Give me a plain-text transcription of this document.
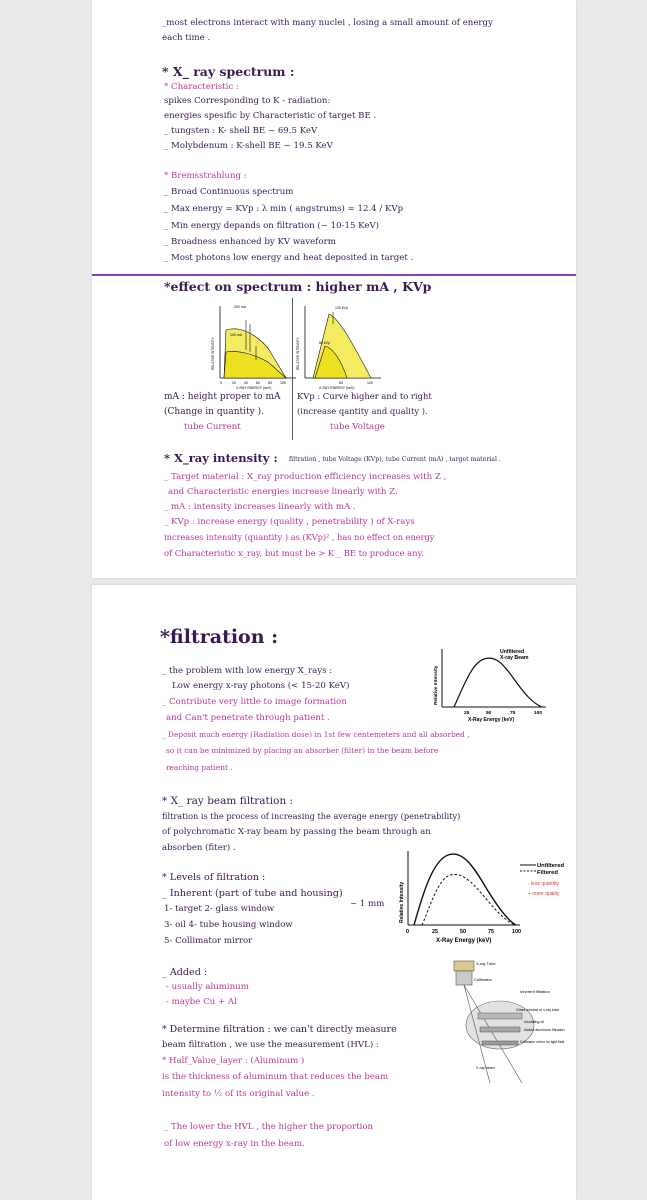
_most electrons interact with many nuclei , losing a small amount of energy
each time .
* X_ ray spectrum :
* Characteristic :
spikes Corresponding to K - radiation:
energies spesific by Characteristic of target BE .
_ tungsten : K- shell BE ~ 69.5 KeV
_ Molybdenum : K-shell BE ~ 19.5 KeV
* Bremsstrahlung :
_ Broad Continuous spectrum
_ Max energy = KVp : λ min ( angstrums) = 12.4 / KVp
_ Min energy depands on filtration (~ 10-15 KeV)
_ Broadness enhanced by KV waveform
_ Most photons low energy and heat deposited in target .
*effect on spectrum : higher mA , KVp
RELATIVE INTENSITY
200 mA
100 mA
0	20 40 60 80 100
X-RAY ENERGY (keV)
RELATIVE INTENSITY
120 kVp
60 kVp
60	120
X-RAY ENERGY (keV)
mA : height proper to mA
(Change in quantity ).
tube Current
KVp : Curve higher and to right
(increase qantity and quality ).
tube Voltage
* X_ray intensity : filtration , tube Voltage (KVp), tube Current (mA) , target material .
_ Target material : X_ray production efficiency increases with Z ,
and Characteristic energies increase linearly with Z.
_ mA : intensity increases linearly with mA .
_ KVp : increase energy (quality , penetrability ) of X-rays
increases intensity (quantity ) as (KVp)² , has no effect on energy
of Characteristic x_ray, but must be > K _ BE to produce any.
*filtration :
_ the problem with low energy X_rays :
Low energy x-ray photons (< 15-20 KeV)
_ Contribute very little to image formation
and Can't penetrate through patient .
_ Deposit much energy (Radiation dose) in 1st few centemeters and all absorbed ,
so it can be minimized by placing an absorber (filter) in the beam before
reaching patient .
Unfiltered
X-ray Beam
Relative Intensity
25	50	75	100
X-Ray Energy (keV)
* X_ ray beam filtration :
filtration is the process of increasing the average energy (penetrability)
of polychromatic X-ray beam by passing the beam through an
absorben (fiter) .
* Levels of filtration :
_ Inherent (part of tube and housing)
1- target 2- glass window
3- oil 4- tube housing window
5- Collimator mirror
~ 1 mm
Unfiltered
Filtered
- less quantity
+ more quality
Relative Intensity
0	25	50	75	100
X-Ray Energy (keV)
_ Added :
- usually aluminum
- maybe Cu + Al
X-ray Tube
Collimator
Inherent filtration
Glass window of x-ray tube
Insulating oil
Added aluminum filtration
Collimator mirror for light field
X-ray beam
* Determine filtration : we can't directly measure
beam filtration , we use the measurement (HVL) :
* Half_Value_layer : (Aluminum )
is the thickness of aluminum that reduces the beam
intensity to ½ of its original value .
_ The lower the HVL , the higher the proportion
of low energy x-ray in the beam.
